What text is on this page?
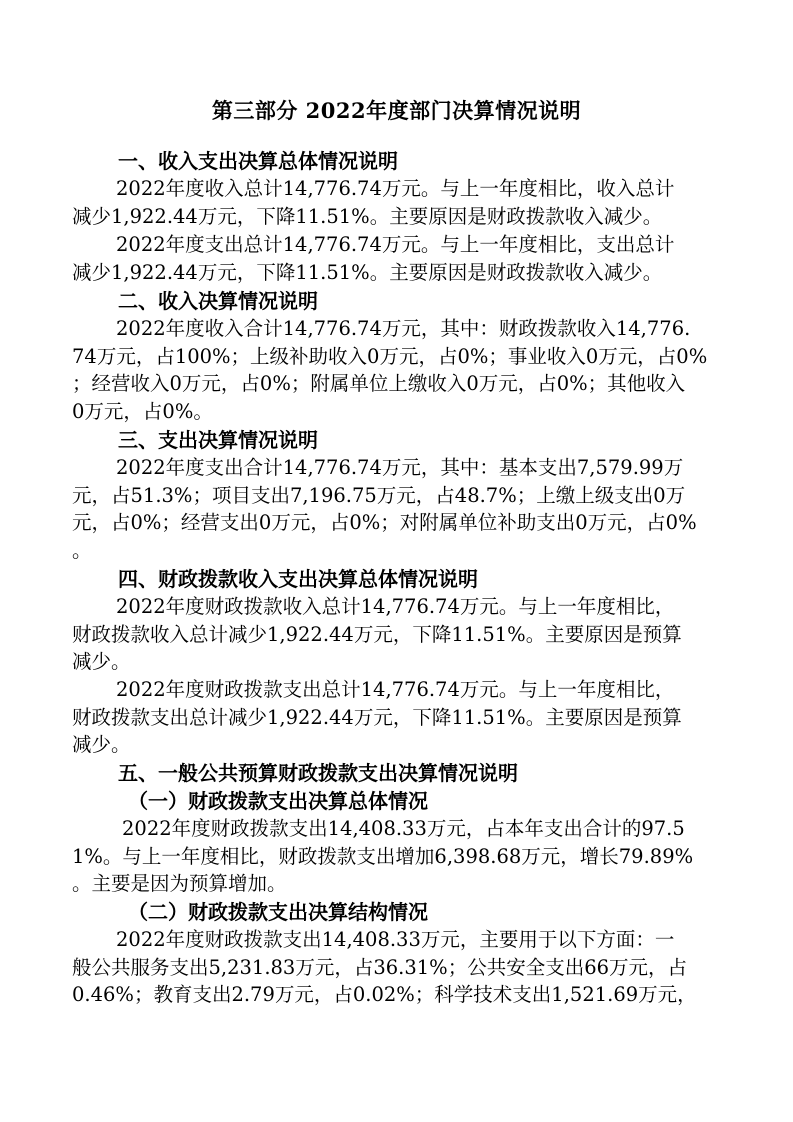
第三部分 2022年度部门决算情况说明
一、收入支出决算总体情况说明
2022年度收入总计14,776.74万元。与上一年度相比，收入总计
减少1,922.44万元，下降11.51%。主要原因是财政拨款收入减少。
2022年度支出总计14,776.74万元。与上一年度相比，支出总计
减少1,922.44万元，下降11.51%。主要原因是财政拨款收入减少。
二、收入决算情况说明
2022年度收入合计14,776.74万元，其中：财政拨款收入14,776.
74万元，占100%；上级补助收入0万元，占0%；事业收入0万元，占0%
；经营收入0万元，占0%；附属单位上缴收入0万元，占0%；其他收入
0万元，占0%。
三、支出决算情况说明
2022年度支出合计14,776.74万元，其中：基本支出7,579.99万
元，占51.3%；项目支出7,196.75万元，占48.7%；上缴上级支出0万
元，占0%；经营支出0万元，占0%；对附属单位补助支出0万元，占0%
。
四、财政拨款收入支出决算总体情况说明
2022年度财政拨款收入总计14,776.74万元。与上一年度相比，
财政拨款收入总计减少1,922.44万元，下降11.51%。主要原因是预算
减少。
2022年度财政拨款支出总计14,776.74万元。与上一年度相比，
财政拨款支出总计减少1,922.44万元，下降11.51%。主要原因是预算
减少。
五、一般公共预算财政拨款支出决算情况说明
（一）财政拨款支出决算总体情况
2022年度财政拨款支出14,408.33万元，占本年支出合计的97.5
1%。与上一年度相比，财政拨款支出增加6,398.68万元，增长79.89%
。主要是因为预算增加。
（二）财政拨款支出决算结构情况
2022年度财政拨款支出14,408.33万元，主要用于以下方面：一
般公共服务支出5,231.83万元，占36.31%；公共安全支出66万元，占
0.46%；教育支出2.79万元，占0.02%；科学技术支出1,521.69万元，
